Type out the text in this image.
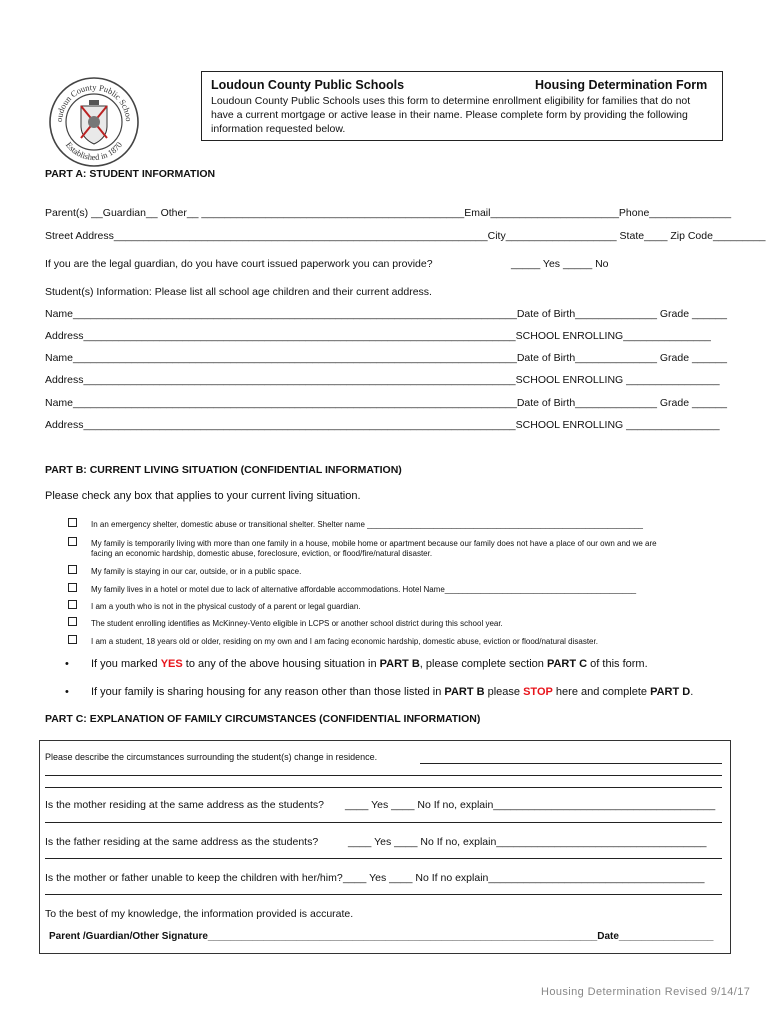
oudoun County Public Schoo
Established in 1870
Loudoun County Public Schools	Housing Determination Form
Loudoun County Public Schools uses this form to determine enrollment eligibility for families that do not have a current mortgage or active lease in their name. Please complete form by providing the following information requested below.
PART A: STUDENT INFORMATION
Parent(s) __Guardian__ Other__ _____________________________________________Email______________________Phone______________
Street Address________________________________________________________________City___________________ State____ Zip Code_________
If you are the legal guardian, do you have court issued paperwork you can provide?	_____ Yes _____ No
Student(s) Information: Please list all school age children and their current address.
Name____________________________________________________________________________Date of Birth______________ Grade ______
Address__________________________________________________________________________SCHOOL ENROLLING_______________
Name____________________________________________________________________________Date of Birth______________ Grade ______
Address__________________________________________________________________________SCHOOL ENROLLING ________________
Name____________________________________________________________________________Date of Birth______________ Grade ______
Address__________________________________________________________________________SCHOOL ENROLLING ________________
PART B: CURRENT LIVING SITUATION (CONFIDENTIAL INFORMATION)
Please check any box that applies to your current living situation.
In an emergency shelter, domestic abuse or transitional shelter. Shelter name ______________________________________________________________
My family is temporarily living with more than one family in a house, mobile home or apartment because our family does not have a place of our own and we are
facing an economic hardship, domestic abuse, foreclosure, eviction, or flood/fire/natural disaster.
My family is staying in our car, outside, or in a public space.
My family lives in a hotel or motel due to lack of alternative affordable accommodations. Hotel Name___________________________________________
I am a youth who is not in the physical custody of a parent or legal guardian.
The student enrolling identifies as McKinney-Vento eligible in LCPS or another school district during this school year.
I am a student, 18 years old or older, residing on my own and I am facing economic hardship, domestic abuse, eviction or flood/natural disaster.
• If you marked YES to any of the above housing situation in PART B, please complete section PART C of this form.
• If your family is sharing housing for any reason other than those listed in PART B please STOP here and complete PART D.
PART C: EXPLANATION OF FAMILY CIRCUMSTANCES (CONFIDENTIAL INFORMATION)
Please describe the circumstances surrounding the student(s) change in residence.
Is the mother residing at the same address as the students? ____ Yes ____ No If no, explain______________________________________
Is the father residing at the same address as the students?	____ Yes ____ No If no, explain____________________________________
Is the mother or father unable to keep the children with her/him? ____ Yes ____ No If no explain_____________________________________
To the best of my knowledge, the information provided is accurate.
Parent /Guardian/Other Signature______________________________________________________________________Date_________________
Housing Determination Revised 9/14/17
